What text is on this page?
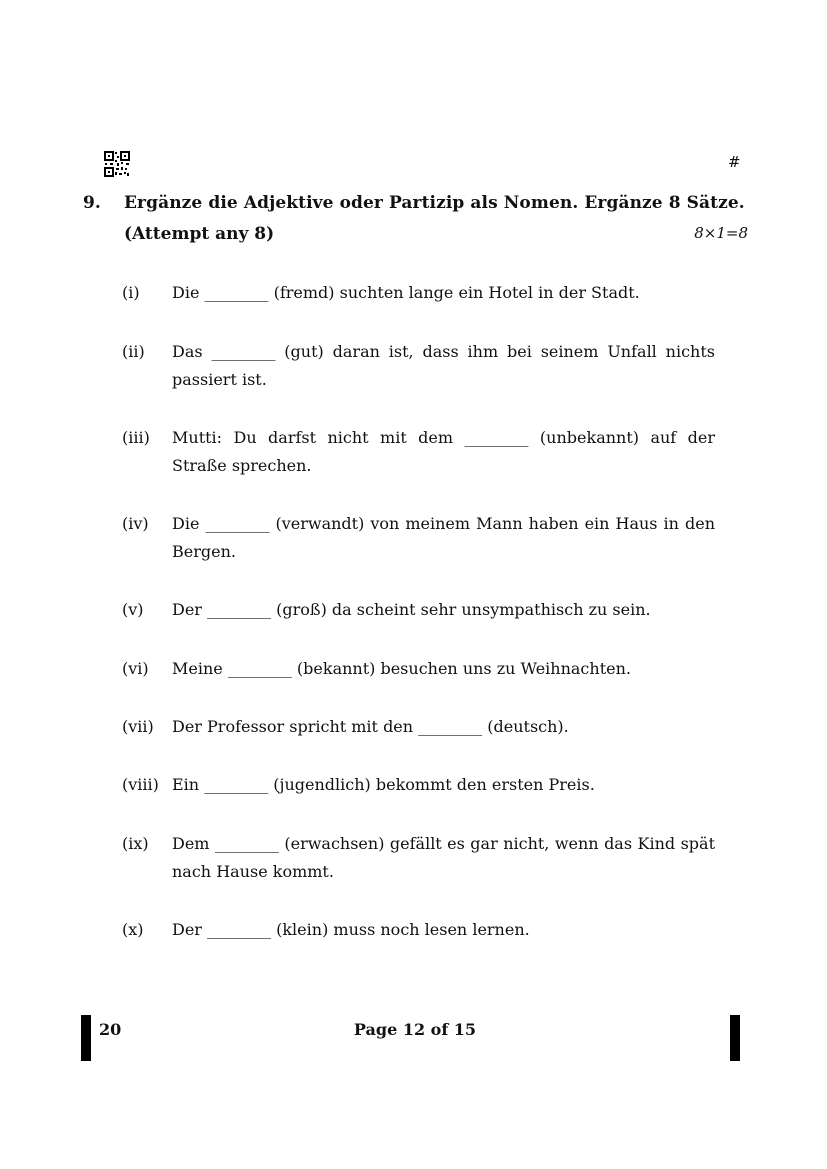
#
9. Ergänze die Adjektive oder Partizip als Nomen. Ergänze 8 Sätze.
(Attempt any 8)	8×1=8
(i) Die ________ (fremd) suchten lange ein Hotel in der Stadt.
(ii) Das ________ (gut) daran ist, dass ihm bei seinem Unfall nichts passiert ist.
(iii) Mutti: Du darfst nicht mit dem ________ (unbekannt) auf der Straße sprechen.
(iv) Die ________ (verwandt) von meinem Mann haben ein Haus in den Bergen.
(v) Der ________ (groß) da scheint sehr unsympathisch zu sein.
(vi) Meine ________ (bekannt) besuchen uns zu Weihnachten.
(vii) Der Professor spricht mit den ________ (deutsch).
(viii) Ein ________ (jugendlich) bekommt den ersten Preis.
(ix) Dem ________ (erwachsen) gefällt es gar nicht, wenn das Kind spät nach Hause kommt.
(x) Der ________ (klein) muss noch lesen lernen.
20	Page 12 of 15
